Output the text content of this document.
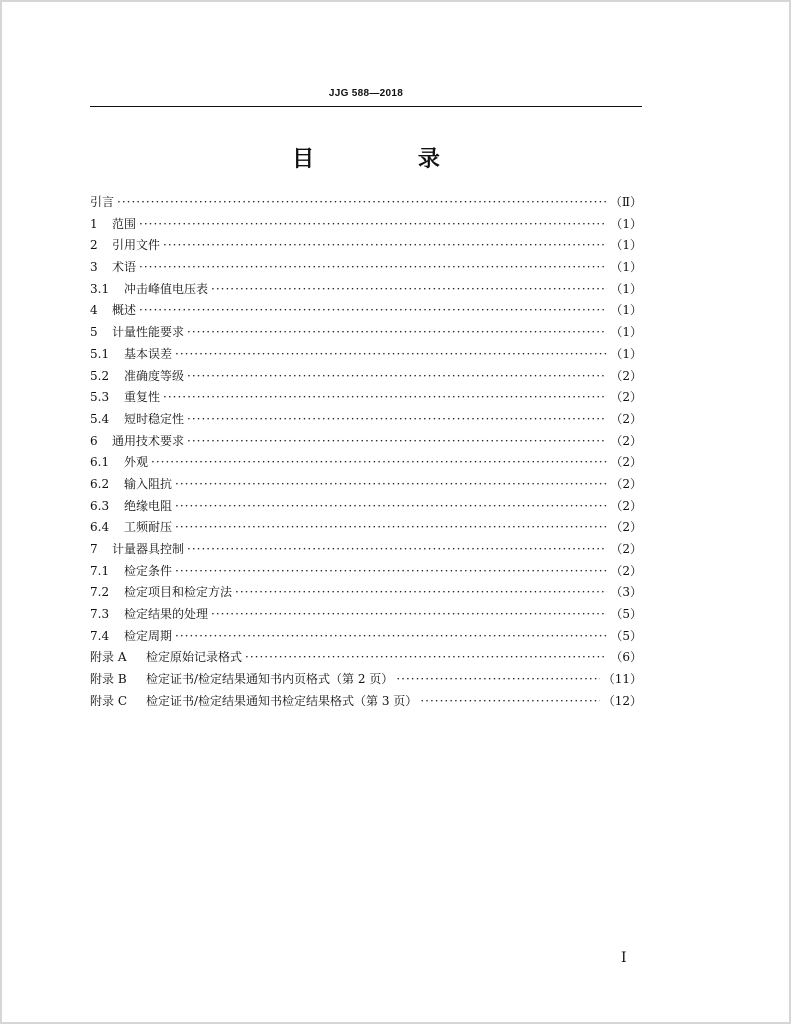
JJG 588—2018
目 录
引言 ·····	（Ⅱ）
1	范围 ·····	（1）
2	引用文件 ·····	（1）
3	术语 ·····	（1）
3.1	冲击峰值电压表 ·····	（1）
4	概述 ·····	（1）
5	计量性能要求 ·····	（1）
5.1	基本误差 ·····	（1）
5.2	准确度等级 ·····	（2）
5.3	重复性 ·····	（2）
5.4	短时稳定性 ·····	（2）
6	通用技术要求 ·····	（2）
6.1	外观 ·····	（2）
6.2	输入阻抗 ·····	（2）
6.3	绝缘电阻 ·····	（2）
6.4	工频耐压 ·····	（2）
7	计量器具控制 ·····	（2）
7.1	检定条件 ·····	（2）
7.2	检定项目和检定方法 ·····	（3）
7.3	检定结果的处理 ·····	（5）
7.4	检定周期 ·····	（5）
附录 A	检定原始记录格式 ·····	（6）
附录 B	检定证书/检定结果通知书内页格式（第 2 页） ·····	（11）
附录 C	检定证书/检定结果通知书检定结果格式（第 3 页） ·····	（12）
I
